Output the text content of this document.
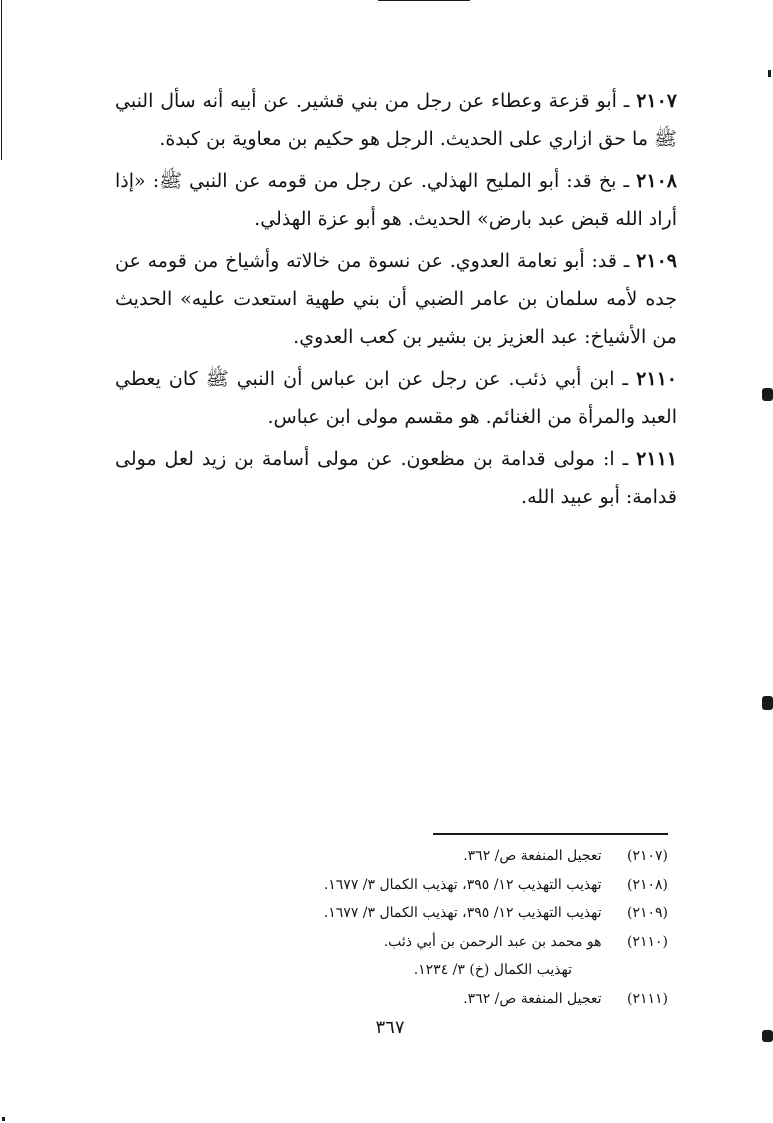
٢١٠٧ ـ أبو قزعة وعطاء عن رجل من بني قشير. عن أبيه أنه سأل النبي ﷺ ما حق ازاري على الحديث. الرجل هو حكيم بن معاوية بن كبدة.
٢١٠٨ ـ بخ قد: أبو المليح الهذلي. عن رجل من قومه عن النبي ﷺ: «إذا أراد الله قبض عبد بارض» الحديث. هو أبو عزة الهذلي.
٢١٠٩ ـ قد: أبو نعامة العدوي. عن نسوة من خالاته وأشياخ من قومه عن جده لأمه سلمان بن عامر الضبي أن بني طهية استعدت عليه» الحديث من الأشياخ: عبد العزيز بن بشير بن كعب العدوي.
٢١١٠ ـ ابن أبي ذئب. عن رجل عن ابن عباس أن النبي ﷺ كان يعطي العبد والمرأة من الغنائم. هو مقسم مولى ابن عباس.
٢١١١ ـ ا: مولى قدامة بن مظعون. عن مولى أسامة بن زيد لعل مولى قدامة: أبو عبيد الله.
(٢١٠٧) تعجيل المنفعة ص/ ٣٦٢.
(٢١٠٨) تهذيب التهذيب ١٢/ ٣٩٥، تهذيب الكمال ٣/ ١٦٧٧.
(٢١٠٩) تهذيب التهذيب ١٢/ ٣٩٥، تهذيب الكمال ٣/ ١٦٧٧.
(٢١١٠) هو محمد بن عبد الرحمن بن أبي ذئب.
تهذيب الكمال (خ) ٣/ ١٢٣٤.
(٢١١١) تعجيل المنفعة ص/ ٣٦٢.
٣٦٧
